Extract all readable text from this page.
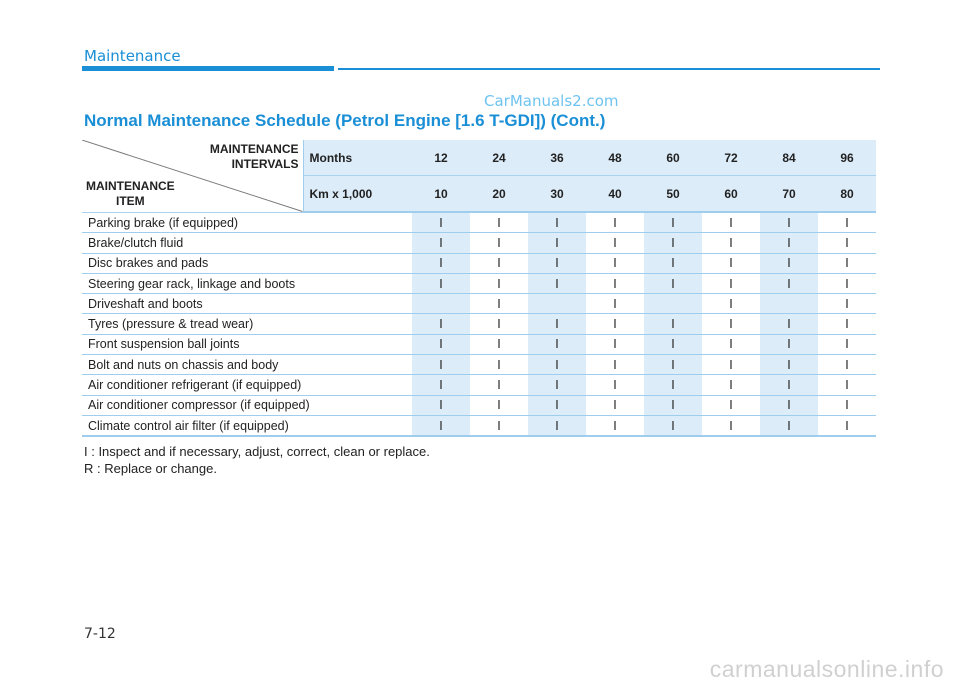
Maintenance
CarManuals2.com
Normal Maintenance Schedule (Petrol Engine [1.6 T-GDI]) (Cont.)
MAINTENANCE
INTERVALS
MAINTENANCE
ITEM	Months	12	24	36	48	60	72	84	96
	Km x 1,000	10	20	30	40	50	60	70	80
Parking brake (if equipped)		I	I	I	I	I	I	I	I
Brake/clutch fluid		I	I	I	I	I	I	I	I
Disc brakes and pads		I	I	I	I	I	I	I	I
Steering gear rack, linkage and boots		I	I	I	I	I	I	I	I
Driveshaft and boots			I		I		I		I
Tyres (pressure & tread wear)		I	I	I	I	I	I	I	I
Front suspension ball joints		I	I	I	I	I	I	I	I
Bolt and nuts on chassis and body		I	I	I	I	I	I	I	I
Air conditioner refrigerant (if equipped)		I	I	I	I	I	I	I	I
Air conditioner compressor (if equipped)		I	I	I	I	I	I	I	I
Climate control air filter (if equipped)		I	I	I	I	I	I	I	I
I : Inspect and if necessary, adjust, correct, clean or replace.
R : Replace or change.
7-12
carmanualsonline.info
